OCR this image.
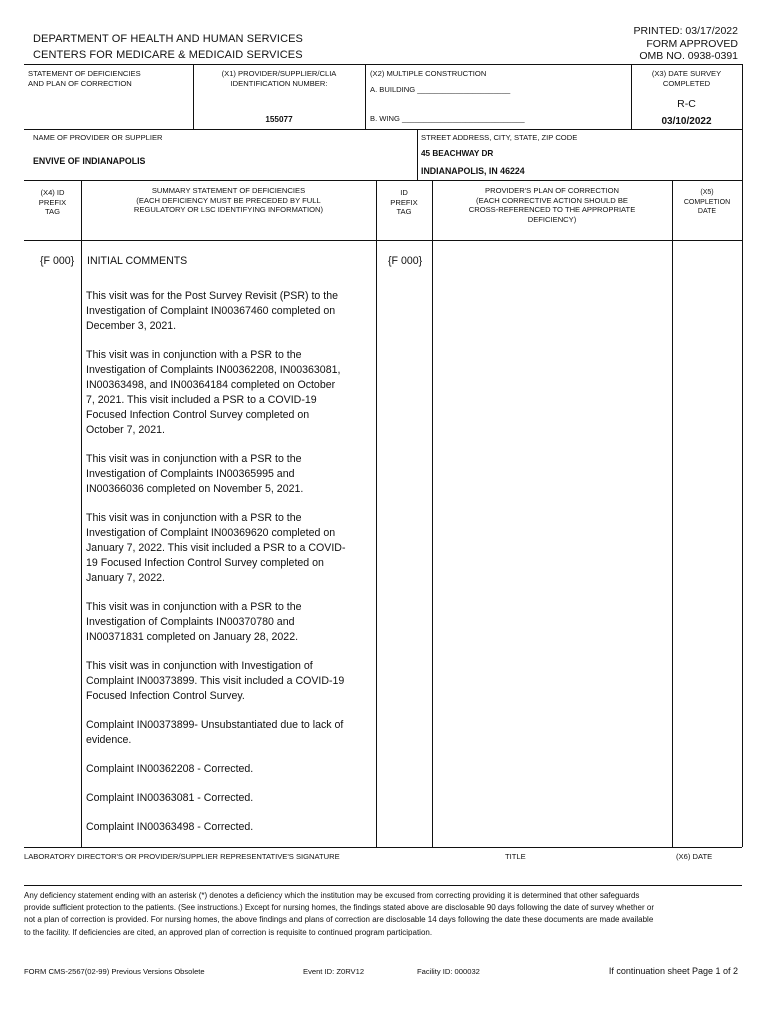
DEPARTMENT OF HEALTH AND HUMAN SERVICES
CENTERS FOR MEDICARE & MEDICAID SERVICES
PRINTED: 03/17/2022
FORM APPROVED
OMB NO. 0938-0391
STATEMENT OF DEFICIENCIES
AND PLAN OF CORRECTION
(X1) PROVIDER/SUPPLIER/CLIA
IDENTIFICATION NUMBER:
155077
(X2) MULTIPLE CONSTRUCTION
A. BUILDING ______________________
B. WING _____________________________
(X3) DATE SURVEY
COMPLETED
R-C
03/10/2022
NAME OF PROVIDER OR SUPPLIER
ENVIVE OF INDIANAPOLIS
STREET ADDRESS, CITY, STATE, ZIP CODE
45 BEACHWAY DR
INDIANAPOLIS, IN 46224
(X4) ID
PREFIX
TAG
SUMMARY STATEMENT OF DEFICIENCIES
(EACH DEFICIENCY MUST BE PRECEDED BY FULL
REGULATORY OR LSC IDENTIFYING INFORMATION)
ID
PREFIX
TAG
PROVIDER'S PLAN OF CORRECTION
(EACH CORRECTIVE ACTION SHOULD BE
CROSS-REFERENCED TO THE APPROPRIATE
DEFICIENCY)
(X5)
COMPLETION
DATE
{F 000} INITIAL COMMENTS	{F 000}

This visit was for the Post Survey Revisit (PSR) to the Investigation of Complaint IN00367460 completed on December 3, 2021.

This visit was in conjunction with a PSR to the Investigation of Complaints IN00362208, IN00363081, IN00363498, and IN00364184 completed on October 7, 2021. This visit included a PSR to a COVID-19 Focused Infection Control Survey completed on October 7, 2021.

This visit was in conjunction with a PSR to the Investigation of Complaints IN00365995 and IN00366036 completed on November 5, 2021.

This visit was in conjunction with a PSR to the Investigation of Complaint IN00369620 completed on January 7, 2022. This visit included a PSR to a COVID-19 Focused Infection Control Survey completed on January 7, 2022.

This visit was in conjunction with a PSR to the Investigation of Complaints IN00370780 and IN00371831 completed on January 28, 2022.

This visit was in conjunction with Investigation of Complaint IN00373899. This visit included a COVID-19 Focused Infection Control Survey.

Complaint IN00373899- Unsubstantiated due to lack of evidence.

Complaint IN00362208 - Corrected.

Complaint IN00363081 - Corrected.

Complaint IN00363498 - Corrected.

LABORATORY DIRECTOR'S OR PROVIDER/SUPPLIER REPRESENTATIVE'S SIGNATURE	TITLE	(X6) DATE
Any deficiency statement ending with an asterisk (*) denotes a deficiency which the institution may be excused from correcting providing it is determined that other safeguards provide sufficient protection to the patients. (See instructions.) Except for nursing homes, the findings stated above are disclosable 90 days following the date of survey whether or not a plan of correction is provided. For nursing homes, the above findings and plans of correction are disclosable 14 days following the date these documents are made available to the facility. If deficiencies are cited, an approved plan of correction is requisite to continued program participation.
FORM CMS-2567(02-99) Previous Versions Obsolete	Event ID: Z0RV12	Facility ID: 000032	If continuation sheet Page 1 of 2
